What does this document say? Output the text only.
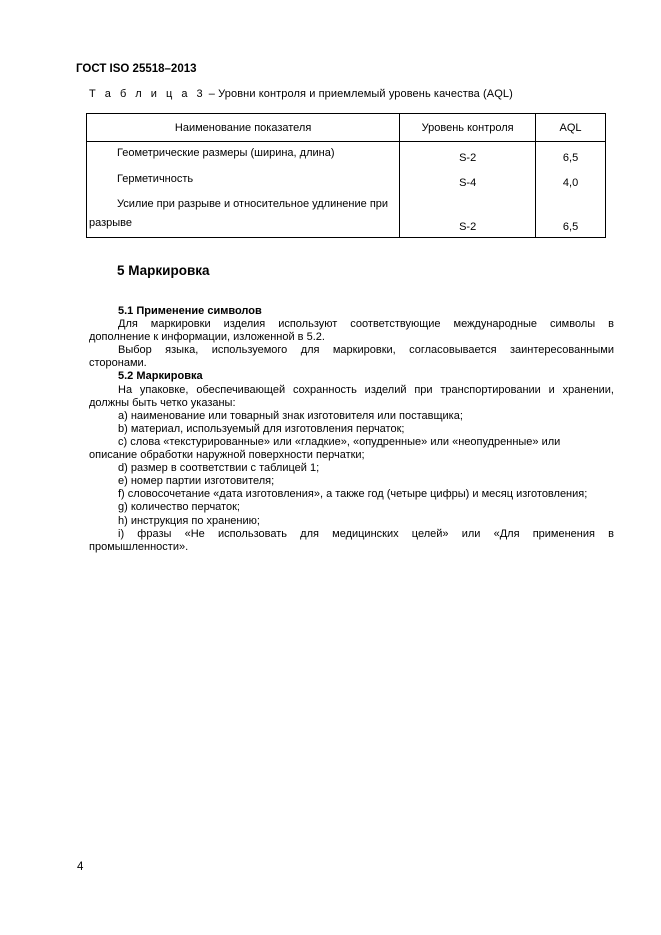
ГОСТ ISO 25518–2013
Т а б л и ц а 3 – Уровни контроля и приемлемый уровень качества (AQL)
Наименование показателя	Уровень контроля	AQL
Геометрические размеры (ширина, длина)	S-2	6,5
Герметичность	S-4	4,0

Усилие при разрыве и относительное удлинение при
разрыве	S-2	6,5
5 Маркировка

5.1 Применение символов

Для маркировки изделия используют соответствующие международные символы в

дополнение к информации, изложенной в 5.2.

Выбор языка, используемого для маркировки, согласовывается заинтересованными

сторонами.

5.2 Маркировка

На упаковке, обеспечивающей сохранность изделий при транспортировании и хранении,

должны быть четко указаны:

а) наименование или товарный знак изготовителя или поставщика;

b) материал, используемый для изготовления перчаток;

c) слова «текстурированные» или «гладкие», «опудренные» или «неопудренные» или

описание обработки наружной поверхности перчатки;

d) размер в соответствии с таблицей 1;

е) номер партии изготовителя;

f) словосочетание «дата изготовления», а также год (четыре цифры) и месяц изготовления;

g) количество перчаток;

h) инструкция по хранению;

i) фразы «Не использовать для медицинских целей» или «Для применения в

промышленности».

4
